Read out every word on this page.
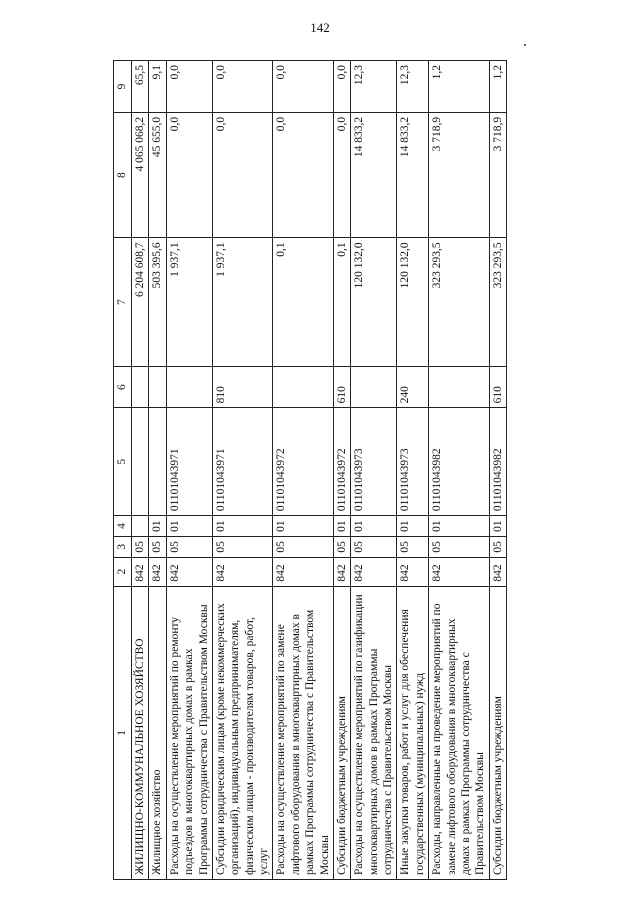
142
1	2	3	4	5	6	7	8	9
ЖИЛИЩНО-КОММУНАЛЬНОЕ ХОЗЯЙСТВО	842	05				6 204 608,7	4 065 068,2	65,5
Жилищное хозяйство	842	05	01			503 395,6	45 655,0	9,1
Расходы на осуществление мероприятий по ремонту подъездов в многоквартирных домах в рамках Программы сотрудничества с Правительством Москвы	842	05	01	0110104З971		1 937,1	0,0	0,0
Субсидии юридическим лицам (кроме некоммерческих организаций), индивидуальным предпринимателям, физическим лицам - производителям товаров, работ, услуг	842	05	01	0110104З971	810	1 937,1	0,0	0,0
Расходы на осуществление мероприятий по замене лифтового оборудования в многоквартирных домах в рамках Программы сотрудничества с Правительством Москвы	842	05	01	0110104З972		0,1	0,0	0,0
Субсидии бюджетным учреждениям	842	05	01	0110104З972	610	0,1	0,0	0,0
Расходы на осуществление мероприятий по газификации многоквартирных домов в рамках Программы сотрудничества с Правительством Москвы	842	05	01	0110104З973		120 132,0	14 833,2	12,3
Иные закупки товаров, работ и услуг для обеспечения государственных (муниципальных) нужд	842	05	01	0110104З973	240	120 132,0	14 833,2	12,3
Расходы, направленные на проведение мероприятий по замене лифтового оборудования в многоквартирных домах в рамках Программы сотрудничества с Правительством Москвы	842	05	01	0110104З982		323 293,5	3 718,9	1,2
Субсидии бюджетным учреждениям	842	05	01	0110104З982	610	323 293,5	3 718,9	1,2
